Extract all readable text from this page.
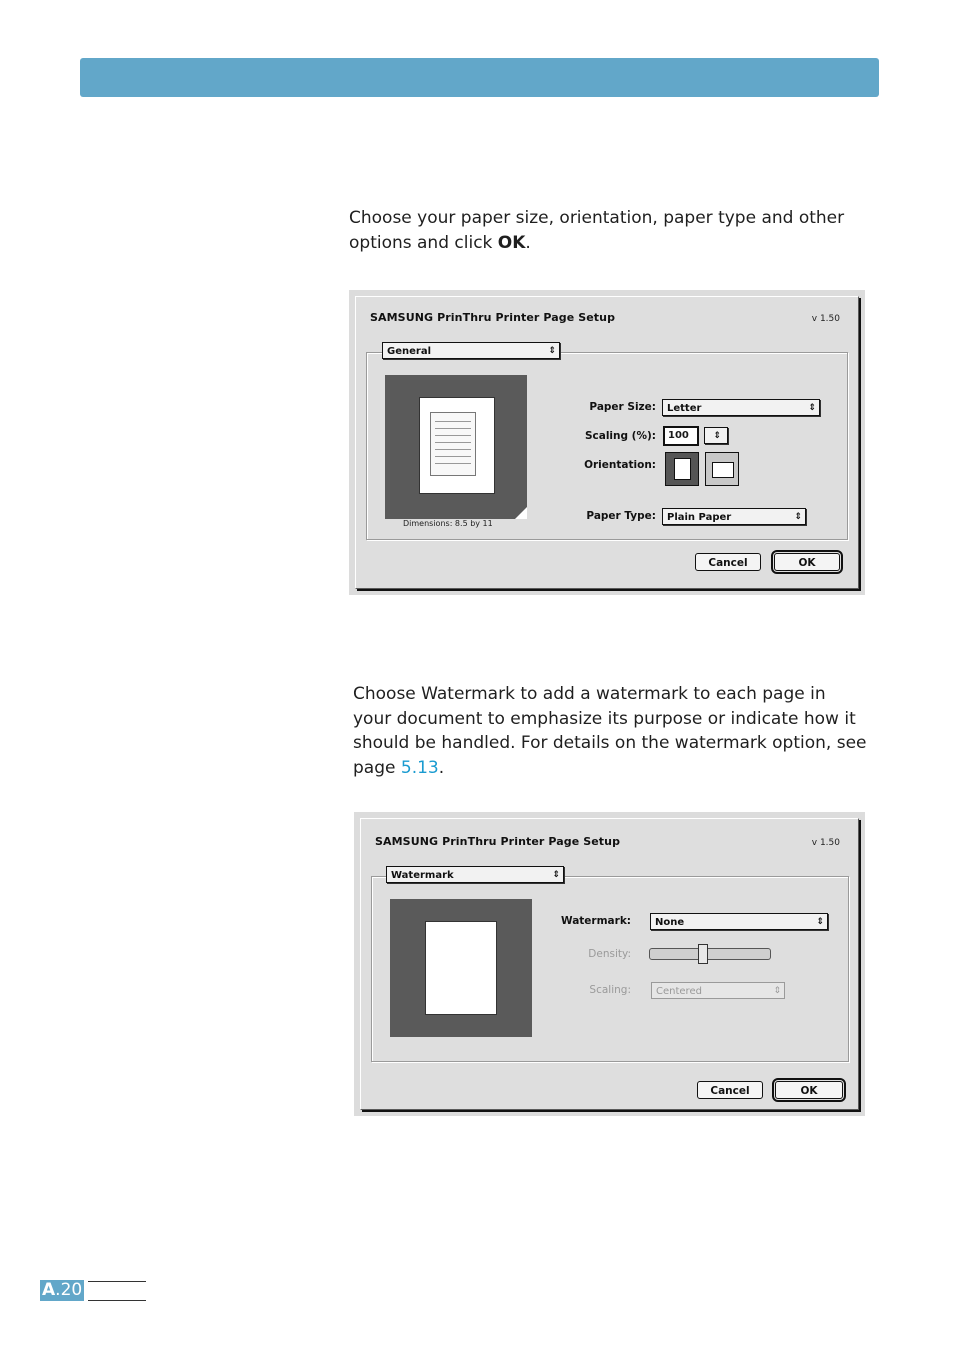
Choose your paper size, orientation, paper type and other options and click OK.
SAMSUNG PrinThru Printer Page Setup	v 1.50
General	⇕
Dimensions: 8.5 by 11
Paper Size:	Letter	⇕
Scaling (%):	100	⇕
Orientation:
Paper Type:	Plain Paper	⇕
Cancel	OK
Choose Watermark to add a watermark to each page in your document to emphasize its purpose or indicate how it should be handled. For details on the watermark option, see page 5.13.
SAMSUNG PrinThru Printer Page Setup	v 1.50
Watermark	⇕
Watermark:	None	⇕
Density:
Scaling:	Centered	⇕
Cancel	OK
A.20
